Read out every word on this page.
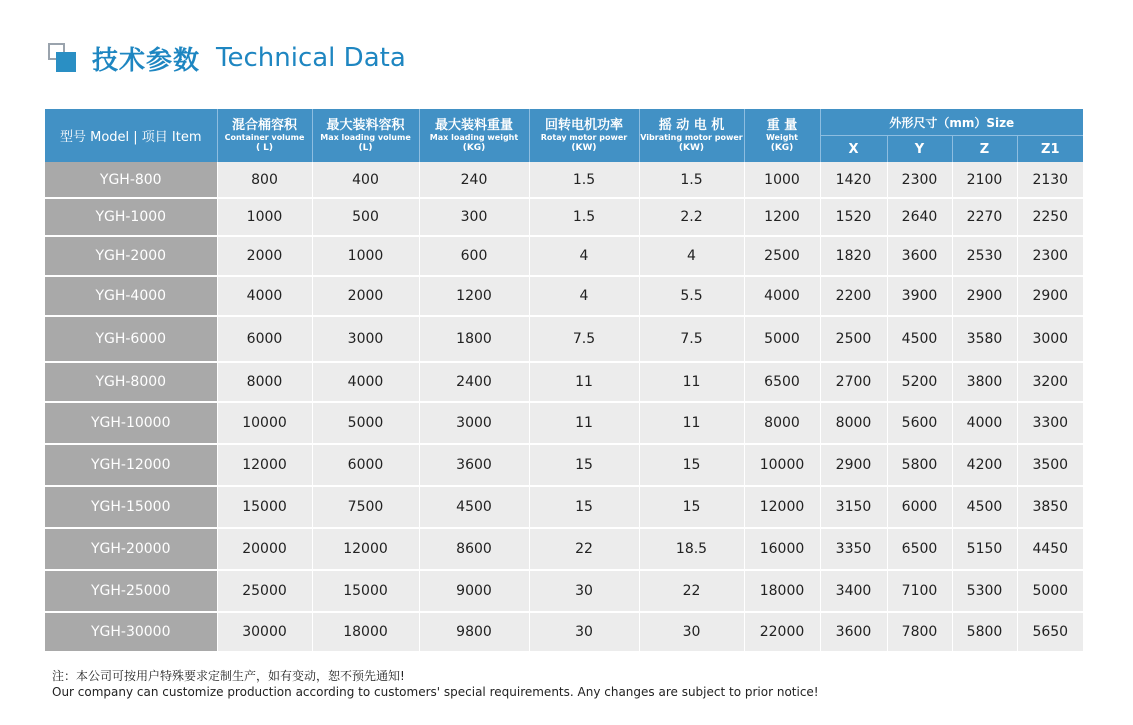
技术参数 Technical Data
型号 Model | 项目 Item	混合桶容积
Container volume
( L)	最大装料容积
Max loading volume
(L)	最大装料重量
Max loading weight
(KG)	回转电机功率
Rotay motor power
(KW)	摇 动 电 机
Vibrating motor power
(KW)	重 量
Weight
(KG)	外形尺寸（mm）Size			
							X	Y	Z	Z1
YGH-800	800	400	240	1.5	1.5	1000	1420	2300	2100	2130
YGH-1000	1000	500	300	1.5	2.2	1200	1520	2640	2270	2250
YGH-2000	2000	1000	600	4	4	2500	1820	3600	2530	2300
YGH-4000	4000	2000	1200	4	5.5	4000	2200	3900	2900	2900
YGH-6000	6000	3000	1800	7.5	7.5	5000	2500	4500	3580	3000
YGH-8000	8000	4000	2400	11	11	6500	2700	5200	3800	3200
YGH-10000	10000	5000	3000	11	11	8000	8000	5600	4000	3300
YGH-12000	12000	6000	3600	15	15	10000	2900	5800	4200	3500
YGH-15000	15000	7500	4500	15	15	12000	3150	6000	4500	3850
YGH-20000	20000	12000	8600	22	18.5	16000	3350	6500	5150	4450
YGH-25000	25000	15000	9000	30	22	18000	3400	7100	5300	5000
YGH-30000	30000	18000	9800	30	30	22000	3600	7800	5800	5650
注：本公司可按用户特殊要求定制生产，如有变动，恕不预先通知!
Our company can customize production according to customers' special requirements. Any changes are subject to prior notice!
